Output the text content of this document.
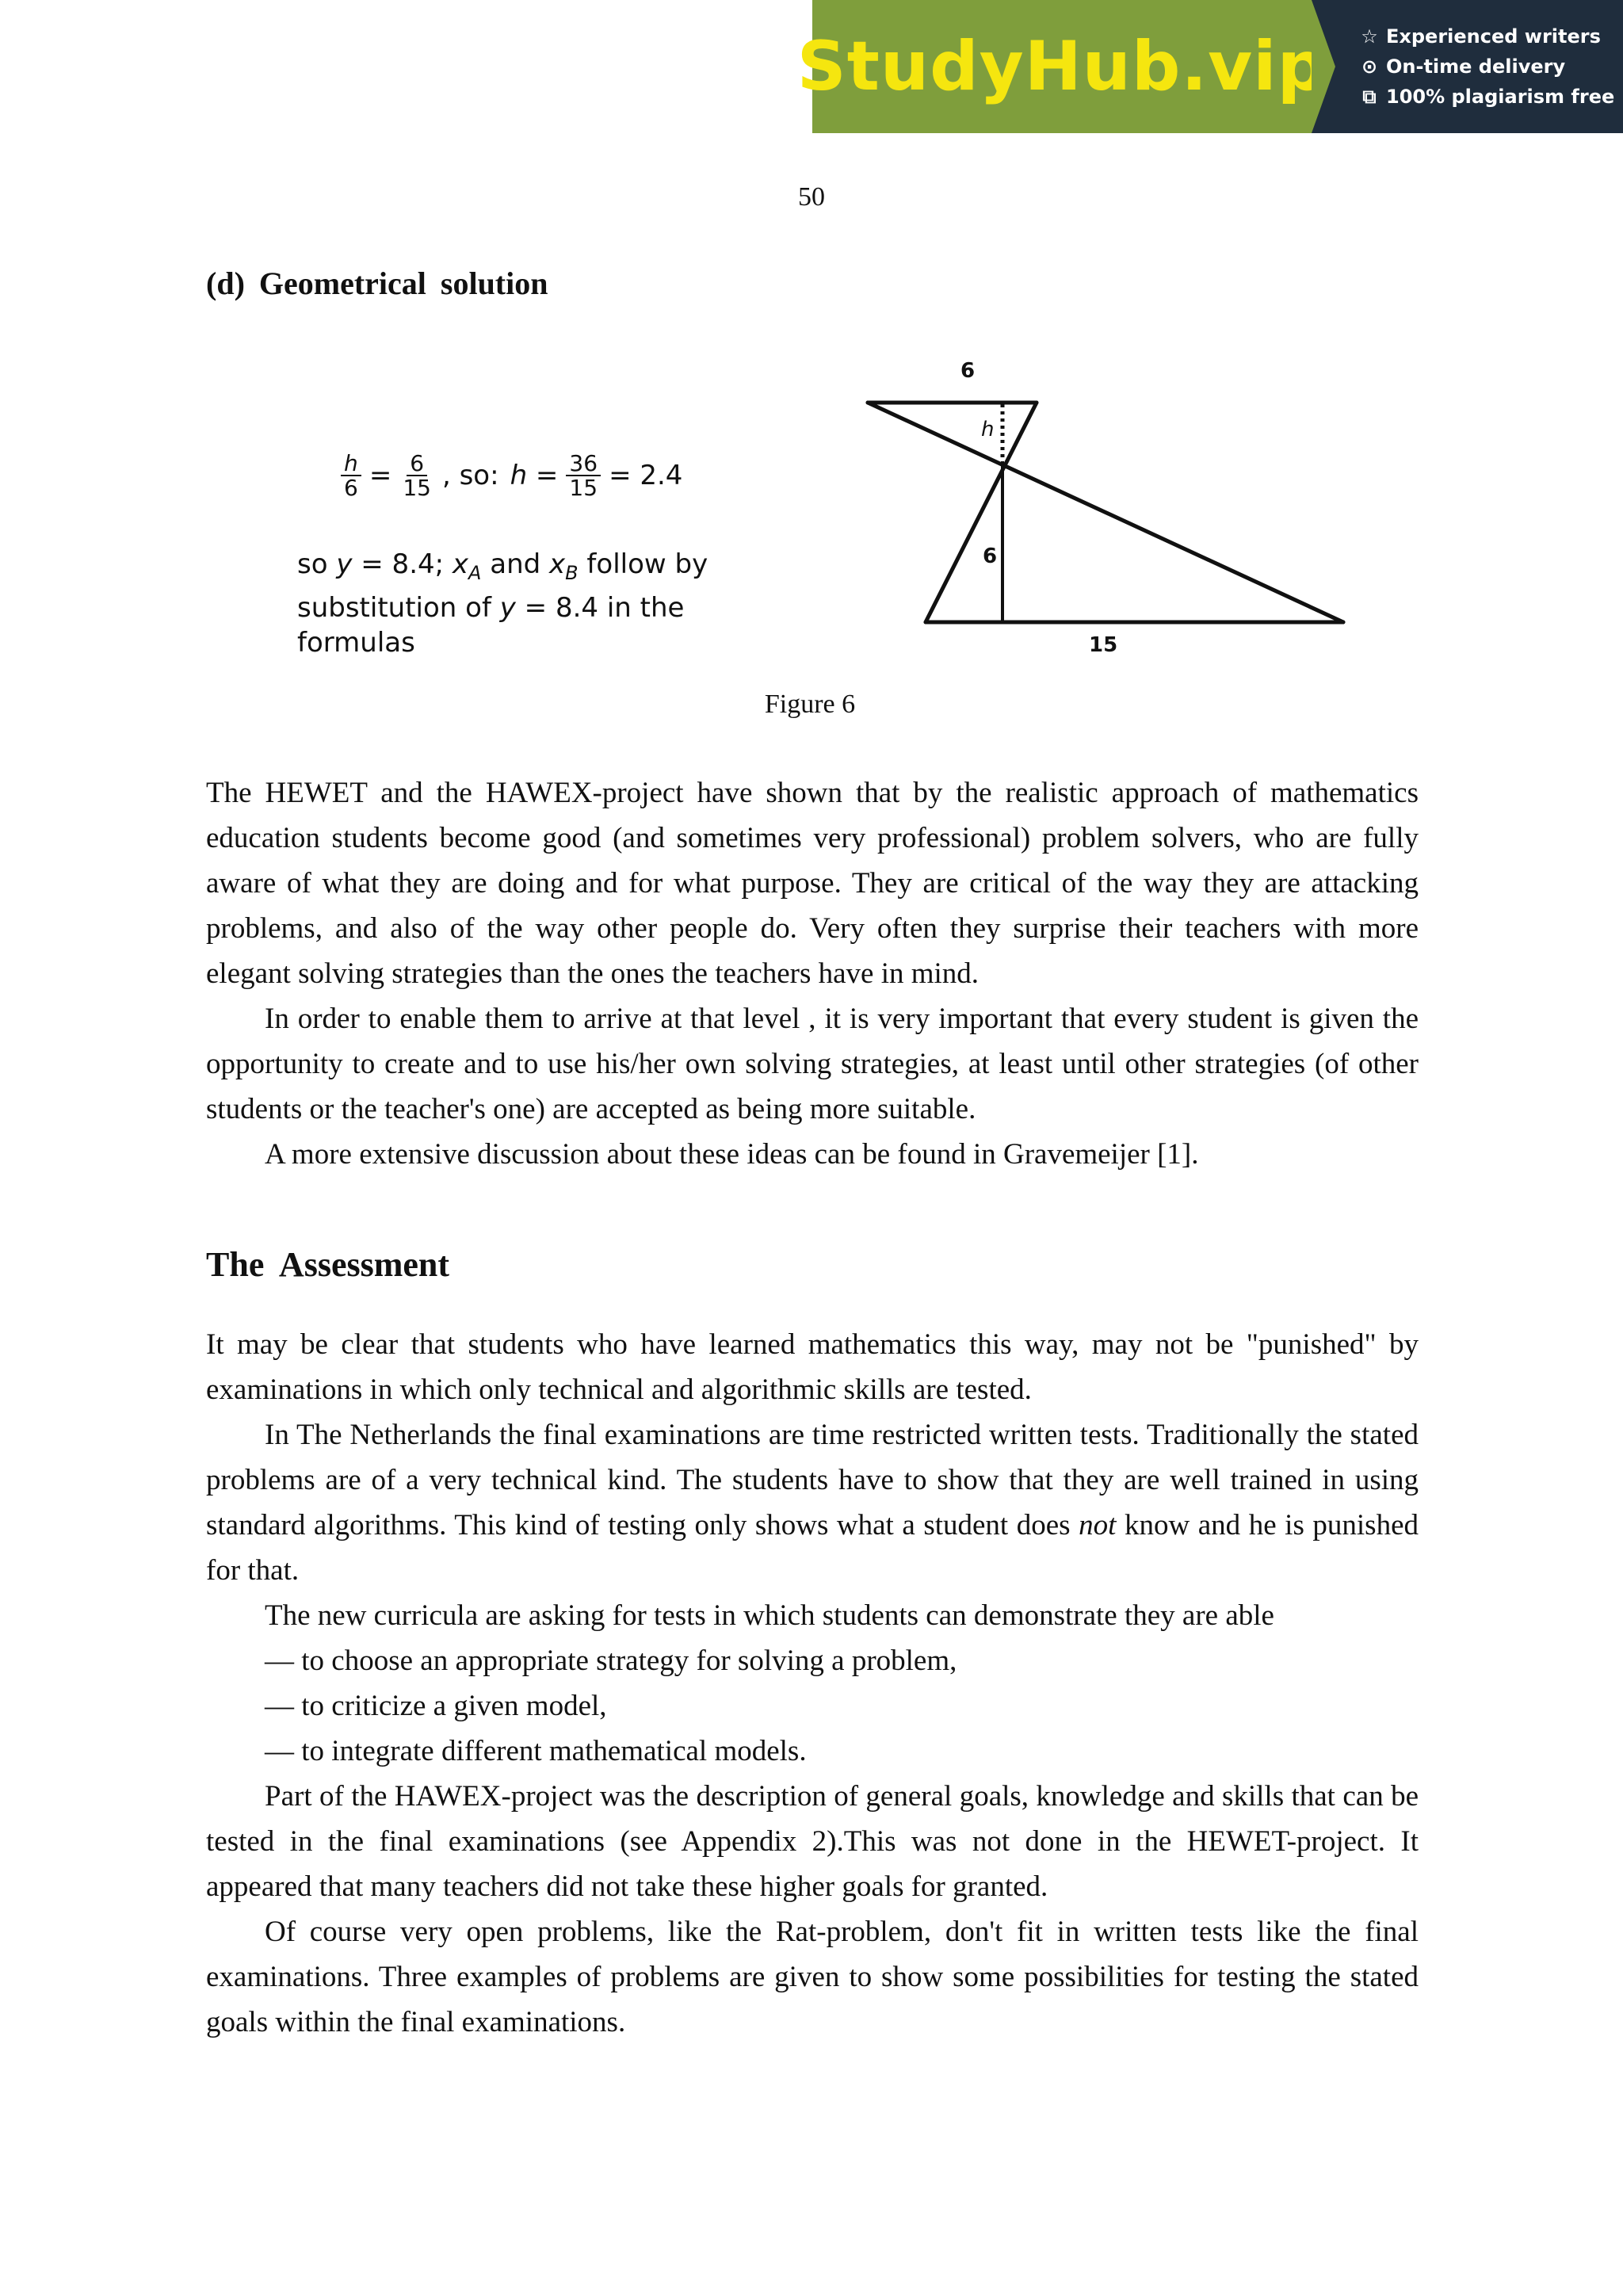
StudyHub.vip ☆ Experienced writers
⊙ On-time delivery
⧉ 100% plagiarism free
50
(d) Geometrical solution
$\frac{h}{6} = \frac{6}{15}$ , so: $h = \frac{36}{15} = 2.4$
so y = 8.4; $x_A$ and $x_B$ follow by
substitution of y = 8.4 in the
formulas
6
h
6
15
Figure 6

The HEWET and the HAWEX-project have shown that by the realistic approach of mathematics education students become good (and sometimes very professional) problem solvers, who are fully aware of what they are doing and for what purpose. They are critical of the way they are attacking problems, and also of the way other people do. Very often they surprise their teachers with more elegant solving strategies than the ones the teachers have in mind.

In order to enable them to arrive at that level , it is very important that every student is given the opportunity to create and to use his/her own solving strategies, at least until other strategies (of other students or the teacher's one) are accepted as being more suitable.

A more extensive discussion about these ideas can be found in Gravemeijer [1].

The Assessment

It may be clear that students who have learned mathematics this way, may not be "punished" by examinations in which only technical and algorithmic skills are tested.

In The Netherlands the final examinations are time restricted written tests. Traditionally the stated problems are of a very technical kind. The students have to show that they are well trained in using standard algorithms. This kind of testing only shows what a student does not know and he is punished for that.

The new curricula are asking for tests in which students can demonstrate they are able

— to choose an appropriate strategy for solving a problem,

— to criticize a given model,

— to integrate different mathematical models.

Part of the HAWEX-project was the description of general goals, knowledge and skills that can be tested in the final examinations (see Appendix 2).This was not done in the HEWET-project. It appeared that many teachers did not take these higher goals for granted.

Of course very open problems, like the Rat-problem, don't fit in written tests like the final examinations. Three examples of problems are given to show some possibilities for testing the stated goals within the final examinations.
